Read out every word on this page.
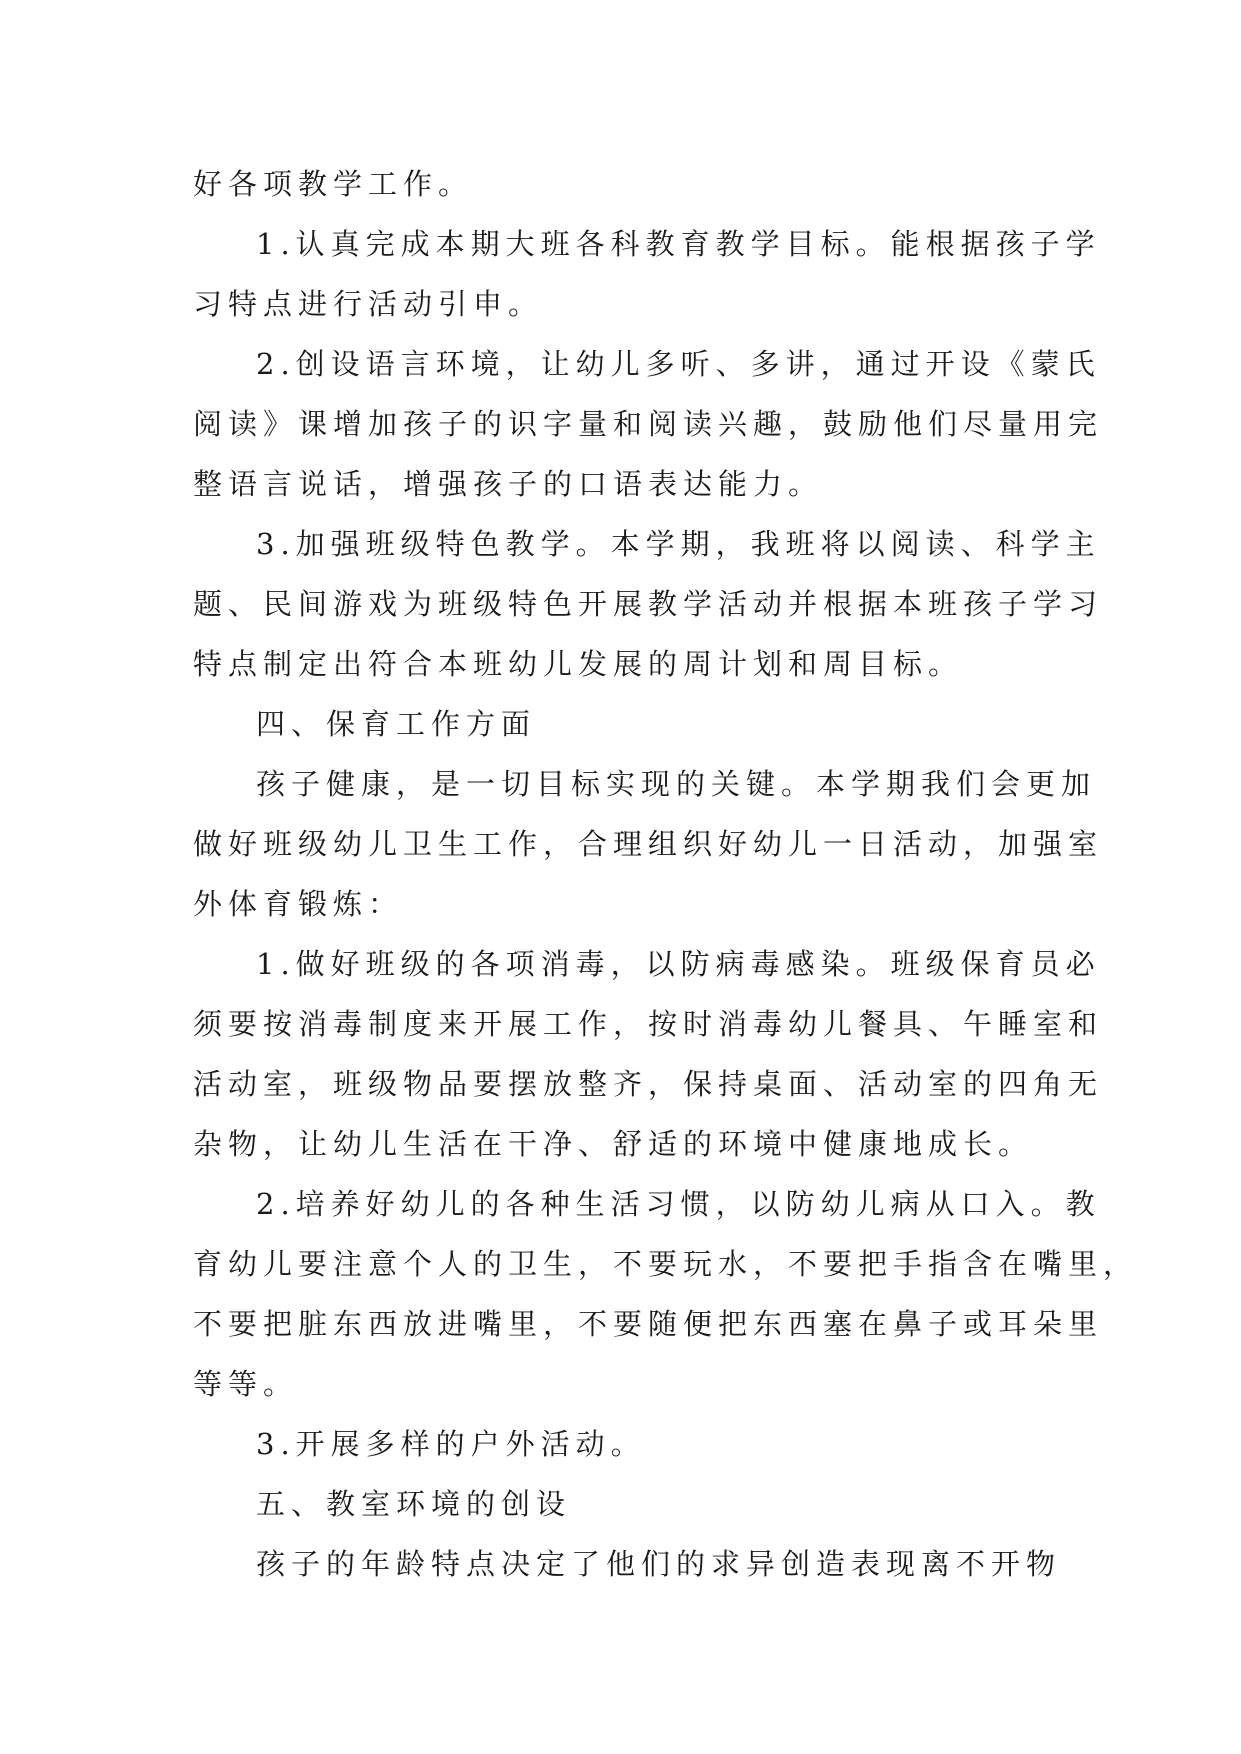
好各项教学工作。
1.认真完成本期大班各科教育教学目标。能根据孩子学
习特点进行活动引申。
2.创设语言环境，让幼儿多听、多讲，通过开设《蒙氏
阅读》课增加孩子的识字量和阅读兴趣，鼓励他们尽量用完
整语言说话，增强孩子的口语表达能力。
3.加强班级特色教学。本学期，我班将以阅读、科学主
题、民间游戏为班级特色开展教学活动并根据本班孩子学习
特点制定出符合本班幼儿发展的周计划和周目标。
四、保育工作方面
孩子健康，是一切目标实现的关键。本学期我们会更加
做好班级幼儿卫生工作，合理组织好幼儿一日活动，加强室
外体育锻炼：
1.做好班级的各项消毒，以防病毒感染。班级保育员必
须要按消毒制度来开展工作，按时消毒幼儿餐具、午睡室和
活动室，班级物品要摆放整齐，保持桌面、活动室的四角无
杂物，让幼儿生活在干净、舒适的环境中健康地成长。
2.培养好幼儿的各种生活习惯，以防幼儿病从口入。教
育幼儿要注意个人的卫生，不要玩水，不要把手指含在嘴里，
不要把脏东西放进嘴里，不要随便把东西塞在鼻子或耳朵里
等等。
3.开展多样的户外活动。
五、教室环境的创设
孩子的年龄特点决定了他们的求异创造表现离不开物
